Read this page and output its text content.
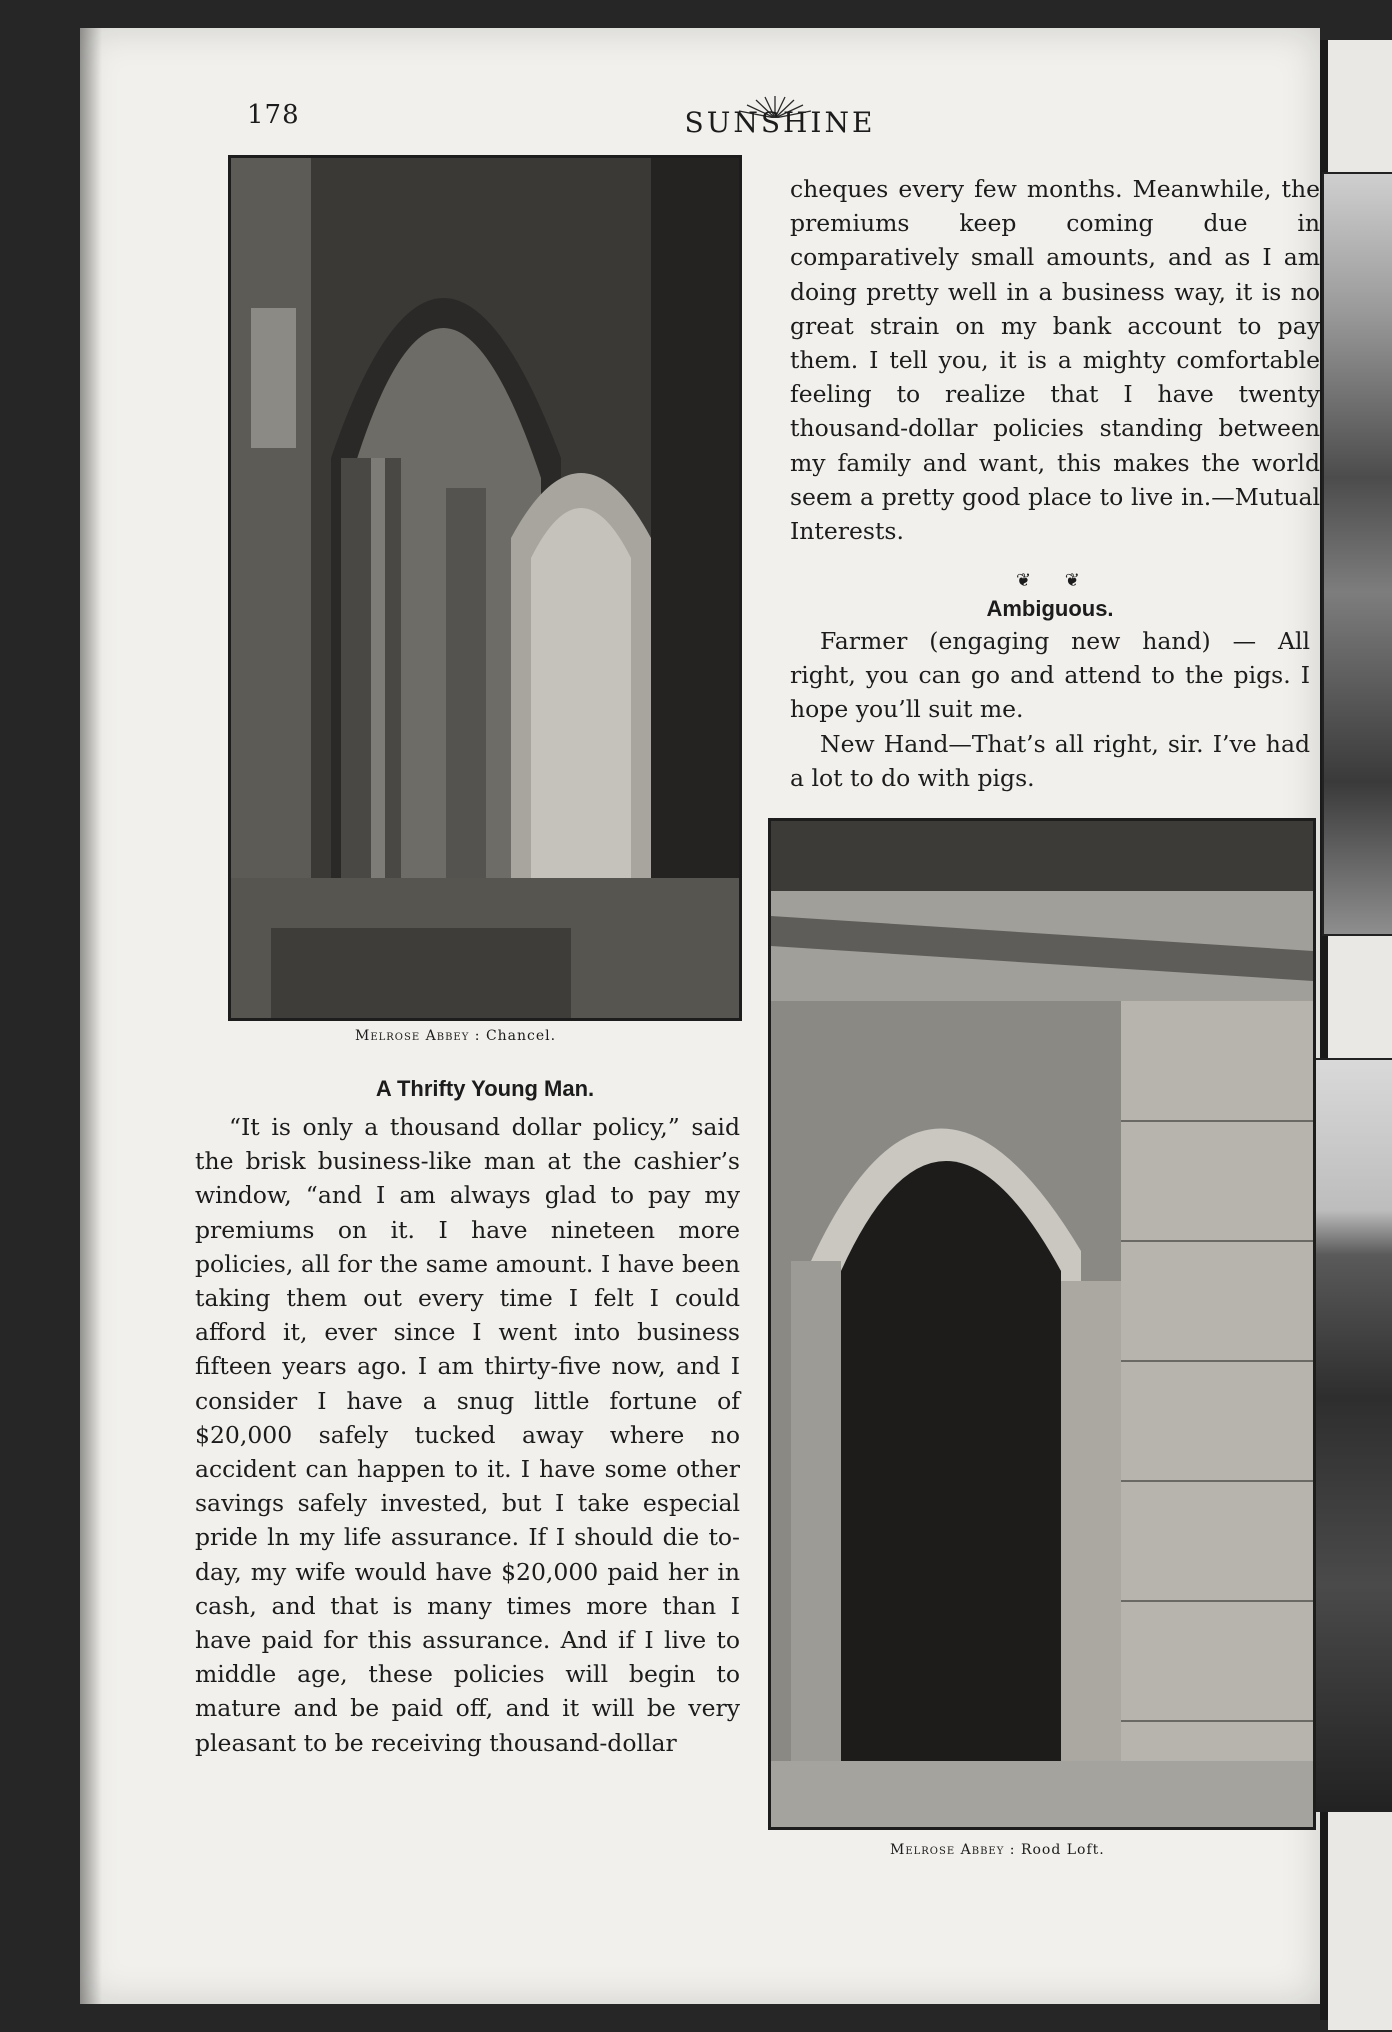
178	SUNSHINE
Melrose Abbey : Chancel.

cheques every few months. Meanwhile, the premiums keep coming due in comparatively small amounts, and as I am doing pretty well in a business way, it is no great strain on my bank account to pay them. I tell you, it is a mighty comfortable feeling to realize that I have twenty thousand-dollar policies standing between my family and want, this makes the world seem a pretty good place to live in.—Mutual Interests.

❦ ❦
Ambiguous.

Farmer (engaging new hand) — All right, you can go and attend to the pigs. I hope you’ll suit me.

New Hand—That’s all right, sir. I’ve had a lot to do with pigs.

Melrose Abbey : Rood Loft.
A Thrifty Young Man.

“It is only a thousand dollar policy,” said the brisk business-like man at the cashier’s window, “and I am always glad to pay my premiums on it. I have nineteen more policies, all for the same amount. I have been taking them out every time I felt I could afford it, ever since I went into business fifteen years ago. I am thirty-five now, and I consider I have a snug little fortune of $20,000 safely tucked away where no accident can happen to it. I have some other savings safely invested, but I take especial pride ln my life assurance. If I should die to-day, my wife would have $20,000 paid her in cash, and that is many times more than I have paid for this assurance. And if I live to middle age, these policies will begin to mature and be paid off, and it will be very pleasant to be receiving thousand-dollar
